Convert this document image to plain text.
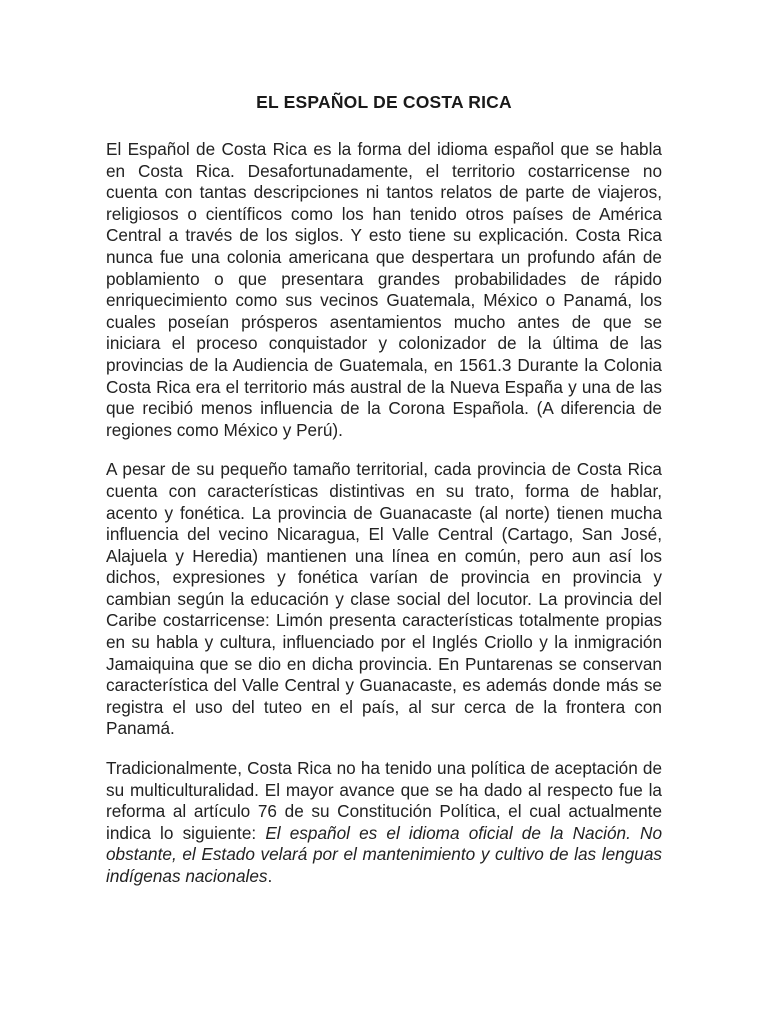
EL ESPAÑOL DE COSTA RICA

El Español de Costa Rica es la forma del idioma español que se habla en Costa Rica. Desafortunadamente, el territorio costarricense no cuenta con tantas descripciones ni tantos relatos de parte de viajeros, religiosos o científicos como los han tenido otros países de América Central a través de los siglos. Y esto tiene su explicación. Costa Rica nunca fue una colonia americana que despertara un profundo afán de poblamiento o que presentara grandes probabilidades de rápido enriquecimiento como sus vecinos Guatemala, México o Panamá, los cuales poseían prósperos asentamientos mucho antes de que se iniciara el proceso conquistador y colonizador de la última de las provincias de la Audiencia de Guatemala, en 1561.3 Durante la Colonia Costa Rica era el territorio más austral de la Nueva España y una de las que recibió menos influencia de la Corona Española. (A diferencia de regiones como México y Perú).

A pesar de su pequeño tamaño territorial, cada provincia de Costa Rica cuenta con características distintivas en su trato, forma de hablar, acento y fonética. La provincia de Guanacaste (al norte) tienen mucha influencia del vecino Nicaragua, El Valle Central (Cartago, San José, Alajuela y Heredia) mantienen una línea en común, pero aun así los dichos, expresiones y fonética varían de provincia en provincia y cambian según la educación y clase social del locutor. La provincia del Caribe costarricense: Limón presenta características totalmente propias en su habla y cultura, influenciado por el Inglés Criollo y la inmigración Jamaiquina que se dio en dicha provincia. En Puntarenas se conservan característica del Valle Central y Guanacaste, es además donde más se registra el uso del tuteo en el país, al sur cerca de la frontera con Panamá.

Tradicionalmente, Costa Rica no ha tenido una política de aceptación de su multiculturalidad. El mayor avance que se ha dado al respecto fue la reforma al artículo 76 de su Constitución Política, el cual actualmente indica lo siguiente: El español es el idioma oficial de la Nación. No obstante, el Estado velará por el mantenimiento y cultivo de las lenguas indígenas nacionales.
